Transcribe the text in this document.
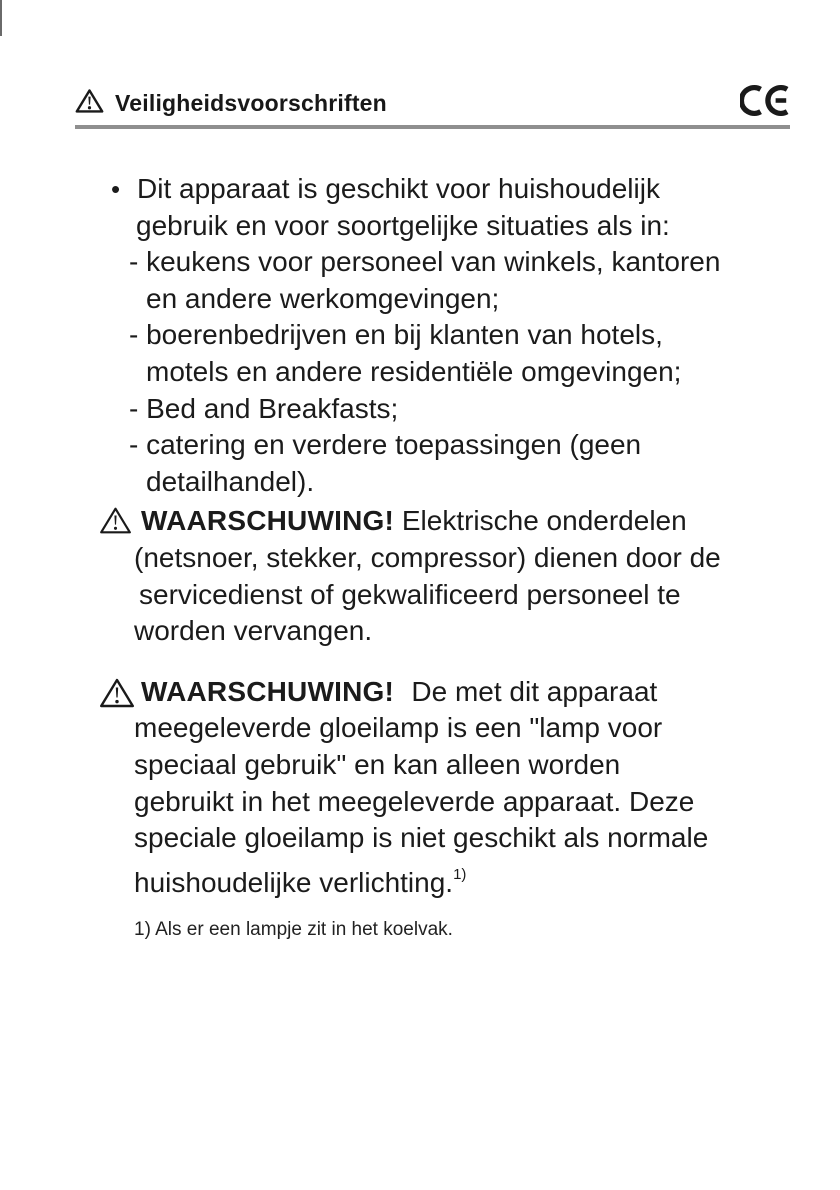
Veiligheidsvoorschriften
• Dit apparaat is geschikt voor huishoudelijk
gebruik en voor soortgelijke situaties als in:
- keukens voor personeel van winkels, kantoren
en andere werkomgevingen;
- boerenbedrijven en bij klanten van hotels,
motels en andere residentiële omgevingen;
- Bed and Breakfasts;
- catering en verdere toepassingen (geen
detailhandel).
WAARSCHUWING! Elektrische onderdelen
(netsnoer, stekker, compressor) dienen door de
servicedienst of gekwalificeerd personeel te
worden vervangen.
WAARSCHUWING! De met dit apparaat
meegeleverde gloeilamp is een "lamp voor
speciaal gebruik" en kan alleen worden
gebruikt in het meegeleverde apparaat. Deze
speciale gloeilamp is niet geschikt als normale
huishoudelijke verlichting.$^{1)}$
1) Als er een lampje zit in het koelvak.
